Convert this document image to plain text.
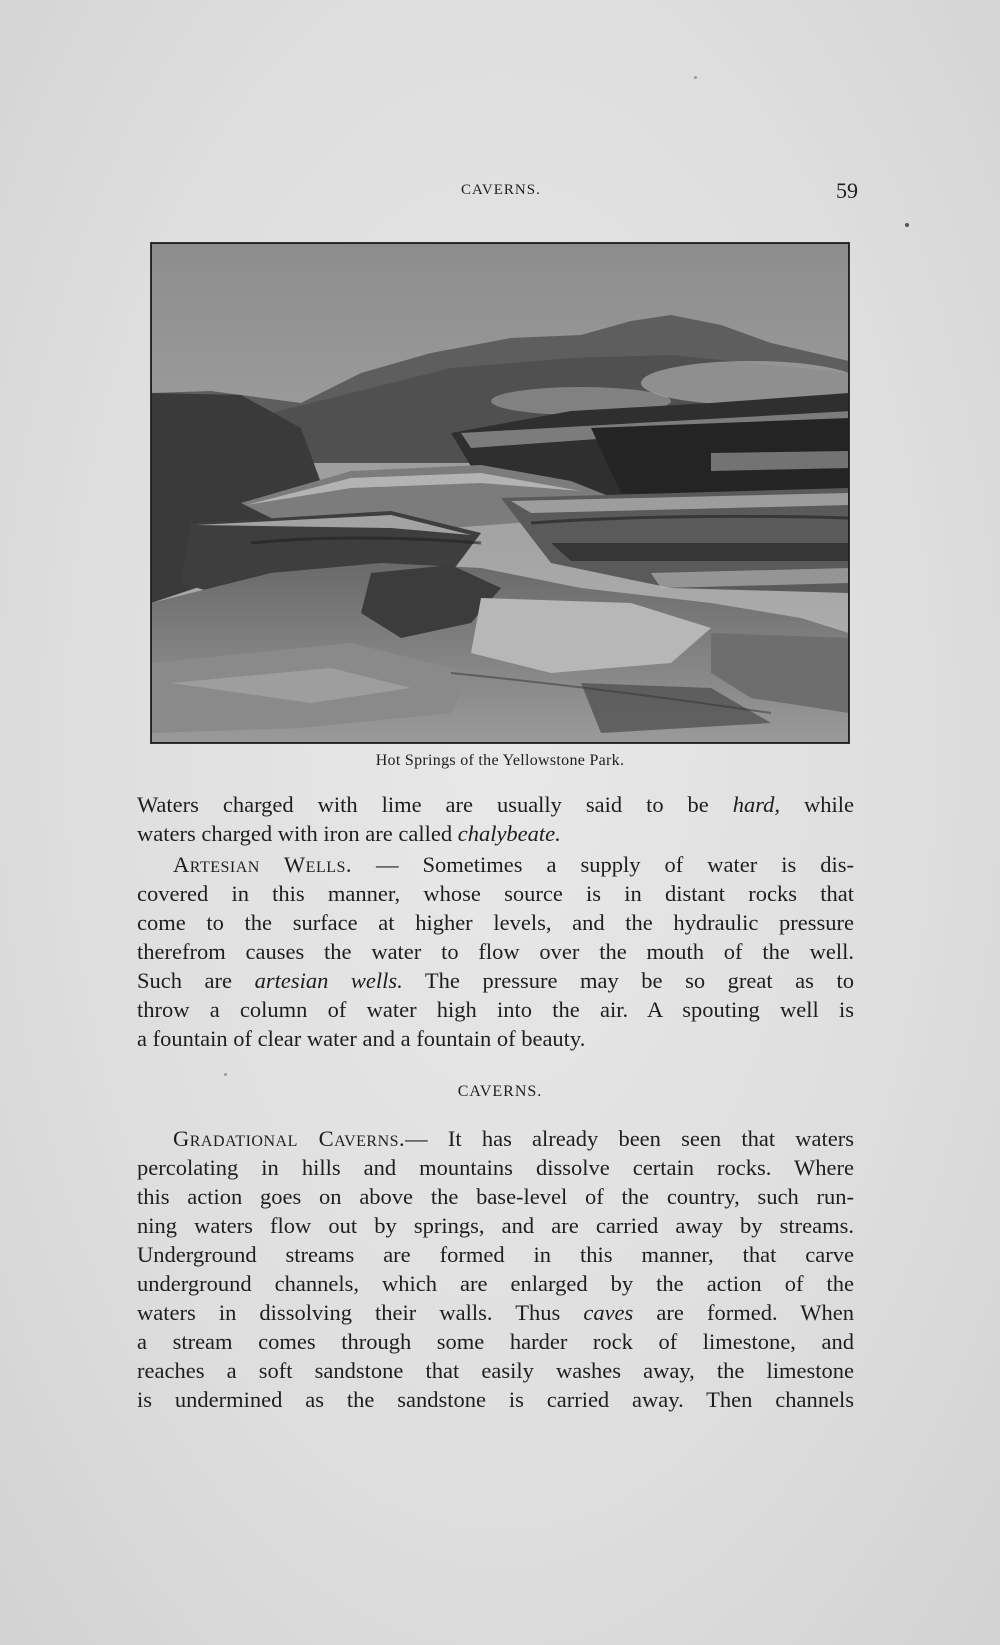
CAVERNS.	59
Hot Springs of the Yellowstone Park.
Waters charged with lime are usually said to be hard, while
waters charged with iron are called chalybeate.
Artesian Wells. — Sometimes a supply of water is dis-
covered in this manner, whose source is in distant rocks that
come to the surface at higher levels, and the hydraulic pressure
therefrom causes the water to flow over the mouth of the well.
Such are artesian wells. The pressure may be so great as to
throw a column of water high into the air. A spouting well is
a fountain of clear water and a fountain of beauty.
CAVERNS.
Gradational Caverns.— It has already been seen that waters
percolating in hills and mountains dissolve certain rocks. Where
this action goes on above the base-level of the country, such run-
ning waters flow out by springs, and are carried away by streams.
Underground streams are formed in this manner, that carve
underground channels, which are enlarged by the action of the
waters in dissolving their walls. Thus caves are formed. When
a stream comes through some harder rock of limestone, and
reaches a soft sandstone that easily washes away, the limestone
is undermined as the sandstone is carried away. Then channels
